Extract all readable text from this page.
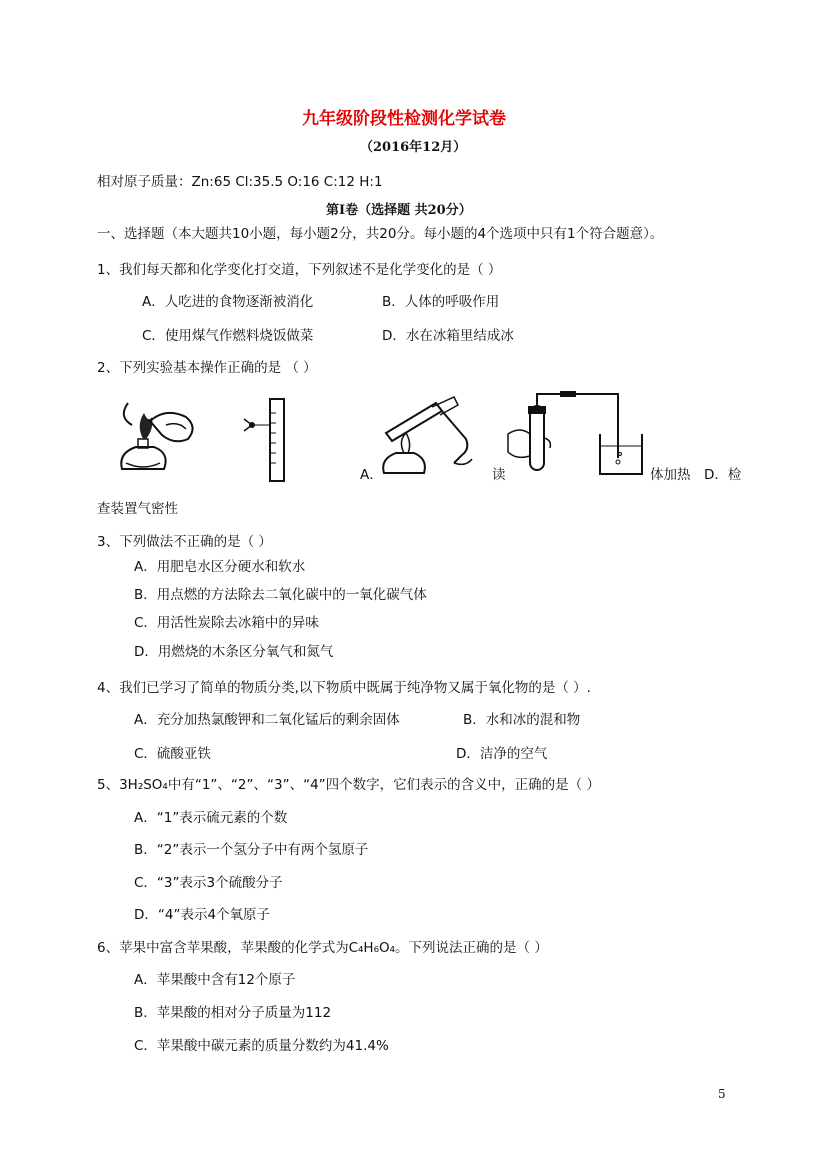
九年级阶段性检测化学试卷
（2016年12月）
相对原子质量：Zn:65 Cl:35.5 O:16 C:12 H:1
第Ⅰ卷（选择题 共20分）
一、选择题（本大题共10小题，每小题2分，共20分。每小题的4个选项中只有1个符合题意）。
1、我们每天都和化学变化打交道，下列叙述不是化学变化的是（ ）
A．人吃进的食物逐渐被消化	B．人体的呼吸作用
C．使用煤气作燃料烧饭做菜	D．水在冰箱里结成冰
2、下列实验基本操作正确的是 （ ）
A．	读	体加热 D．检
查装置气密性
3、下列做法不正确的是（ ）
A．用肥皂水区分硬水和软水
B．用点燃的方法除去二氧化碳中的一氧化碳气体
C．用活性炭除去冰箱中的异味
D．用燃烧的木条区分氧气和氮气
4、我们已学习了简单的物质分类,以下物质中既属于纯净物又属于氧化物的是（ ）.
A．充分加热氯酸钾和二氧化锰后的剩余固体	B．水和冰的混和物
C．硫酸亚铁	D．洁净的空气
5、3H₂SO₄中有“1”、“2”、“3”、“4”四个数字，它们表示的含义中，正确的是（ ）
A．“1”表示硫元素的个数
B．“2”表示一个氢分子中有两个氢原子
C．“3”表示3个硫酸分子
D．“4”表示4个氧原子
6、苹果中富含苹果酸，苹果酸的化学式为C₄H₆O₄。下列说法正确的是（ ）
A．苹果酸中含有12个原子
B．苹果酸的相对分子质量为112
C．苹果酸中碳元素的质量分数约为41.4%
5
